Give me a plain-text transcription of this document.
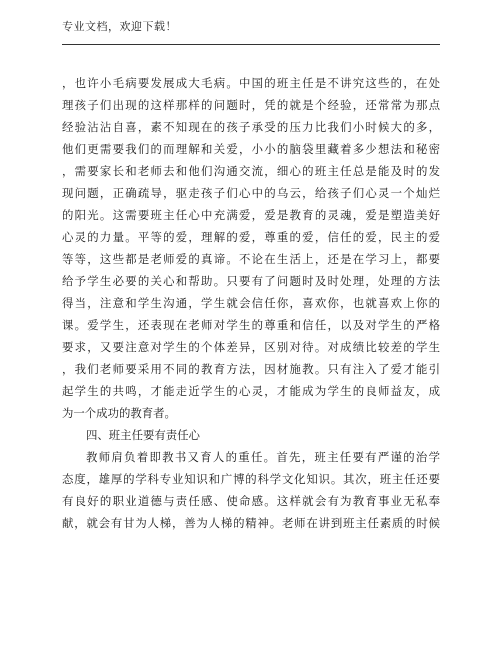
专业文档，欢迎下载！
，也许小毛病要发展成大毛病。中国的班主任是不讲究这些的，在处
理孩子们出现的这样那样的问题时，凭的就是个经验，还常常为那点
经验沾沾自喜，素不知现在的孩子承受的压力比我们小时候大的多，
他们更需要我们的而理解和关爱，小小的脑袋里藏着多少想法和秘密
，需要家长和老师去和他们沟通交流，细心的班主任总是能及时的发
现问题，正确疏导，驱走孩子们心中的乌云，给孩子们心灵一个灿烂
的阳光。这需要班主任心中充满爱，爱是教育的灵魂，爱是塑造美好
心灵的力量。平等的爱，理解的爱，尊重的爱，信任的爱，民主的爱
等等，这些都是老师爱的真谛。不论在生活上，还是在学习上，都要
给予学生必要的关心和帮助。只要有了问题时及时处理，处理的方法
得当，注意和学生沟通，学生就会信任你，喜欢你，也就喜欢上你的
课。爱学生，还表现在老师对学生的尊重和信任，以及对学生的严格
要求，又要注意对学生的个体差异，区别对待。对成绩比较差的学生
，我们老师要采用不同的教育方法，因材施教。只有注入了爱才能引
起学生的共鸣，才能走近学生的心灵，才能成为学生的良师益友，成
为一个成功的教育者。
四、班主任要有责任心
教师肩负着即教书又育人的重任。首先，班主任要有严谨的治学
态度，雄厚的学科专业知识和广博的科学文化知识。其次，班主任还要
有良好的职业道德与责任感、使命感。这样就会有为教育事业无私奉
献，就会有甘为人梯，善为人梯的精神。老师在讲到班主任素质的时候
